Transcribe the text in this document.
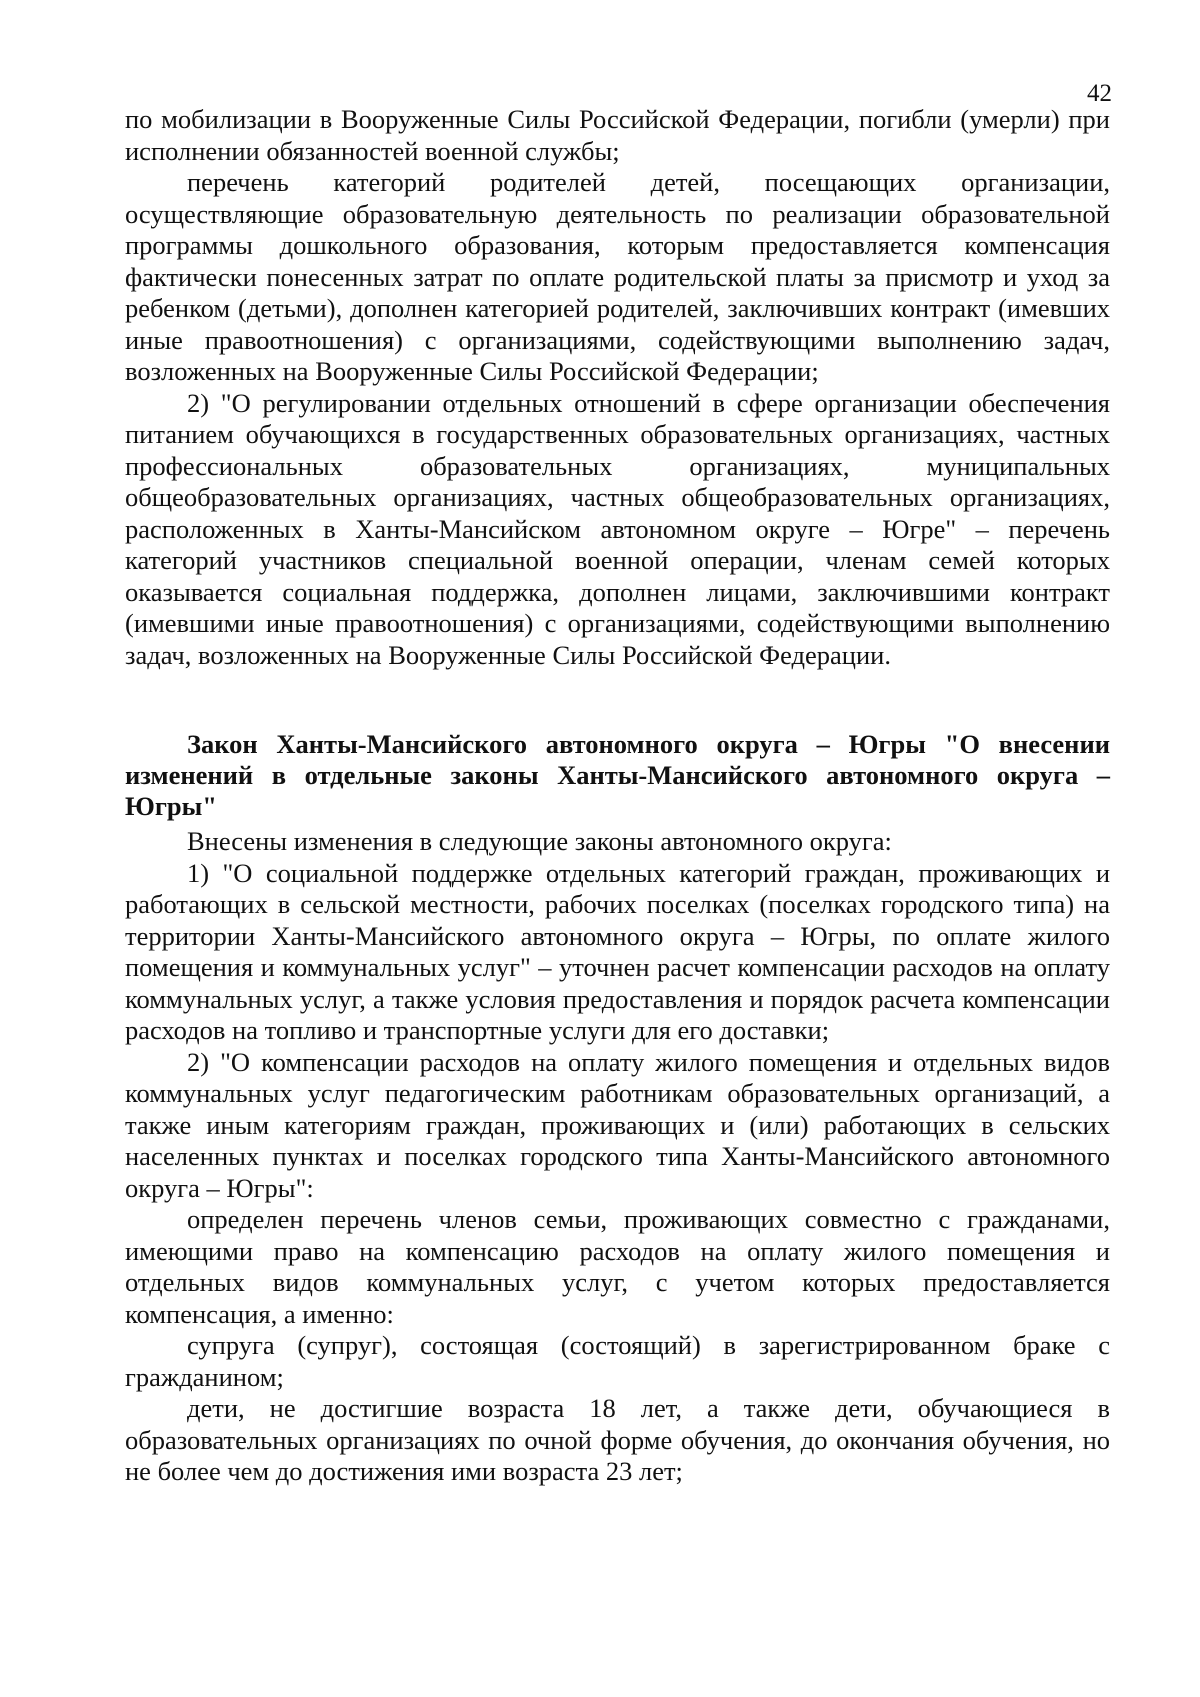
42

по мобилизации в Вооруженные Силы Российской Федерации, погибли (умерли) при исполнении обязанностей военной службы;

перечень категорий родителей детей, посещающих организации, осуществляющие образовательную деятельность по реализации образовательной программы дошкольного образования, которым предоставляется компенсация фактически понесенных затрат по оплате родительской платы за присмотр и уход за ребенком (детьми), дополнен категорией родителей, заключивших контракт (имевших иные правоотношения) с организациями, содействующими выполнению задач, возложенных на Вооруженные Силы Российской Федерации;

2) "О регулировании отдельных отношений в сфере организации обеспечения питанием обучающихся в государственных образовательных организациях, частных профессиональных образовательных организациях, муниципальных общеобразовательных организациях, частных общеобразовательных организациях, расположенных в Ханты-Мансийском автономном округе – Югре" – перечень категорий участников специальной военной операции, членам семей которых оказывается социальная поддержка, дополнен лицами, заключившими контракт (имевшими иные правоотношения) с организациями, содействующими выполнению задач, возложенных на Вооруженные Силы Российской Федерации.

Закон Ханты-Мансийского автономного округа – Югры "О внесении изменений в отдельные законы Ханты-Мансийского автономного округа – Югры"

Внесены изменения в следующие законы автономного округа:

1) "О социальной поддержке отдельных категорий граждан, проживающих и работающих в сельской местности, рабочих поселках (поселках городского типа) на территории Ханты-Мансийского автономного округа – Югры, по оплате жилого помещения и коммунальных услуг" – уточнен расчет компенсации расходов на оплату коммунальных услуг, а также условия предоставления и порядок расчета компенсации расходов на топливо и транспортные услуги для его доставки;

2) "О компенсации расходов на оплату жилого помещения и отдельных видов коммунальных услуг педагогическим работникам образовательных организаций, а также иным категориям граждан, проживающих и (или) работающих в сельских населенных пунктах и поселках городского типа Ханты-Мансийского автономного округа – Югры":

определен перечень членов семьи, проживающих совместно с гражданами, имеющими право на компенсацию расходов на оплату жилого помещения и отдельных видов коммунальных услуг, с учетом которых предоставляется компенсация, а именно:

супруга (супруг), состоящая (состоящий) в зарегистрированном браке с гражданином;

дети, не достигшие возраста 18 лет, а также дети, обучающиеся в образовательных организациях по очной форме обучения, до окончания обучения, но не более чем до достижения ими возраста 23 лет;
